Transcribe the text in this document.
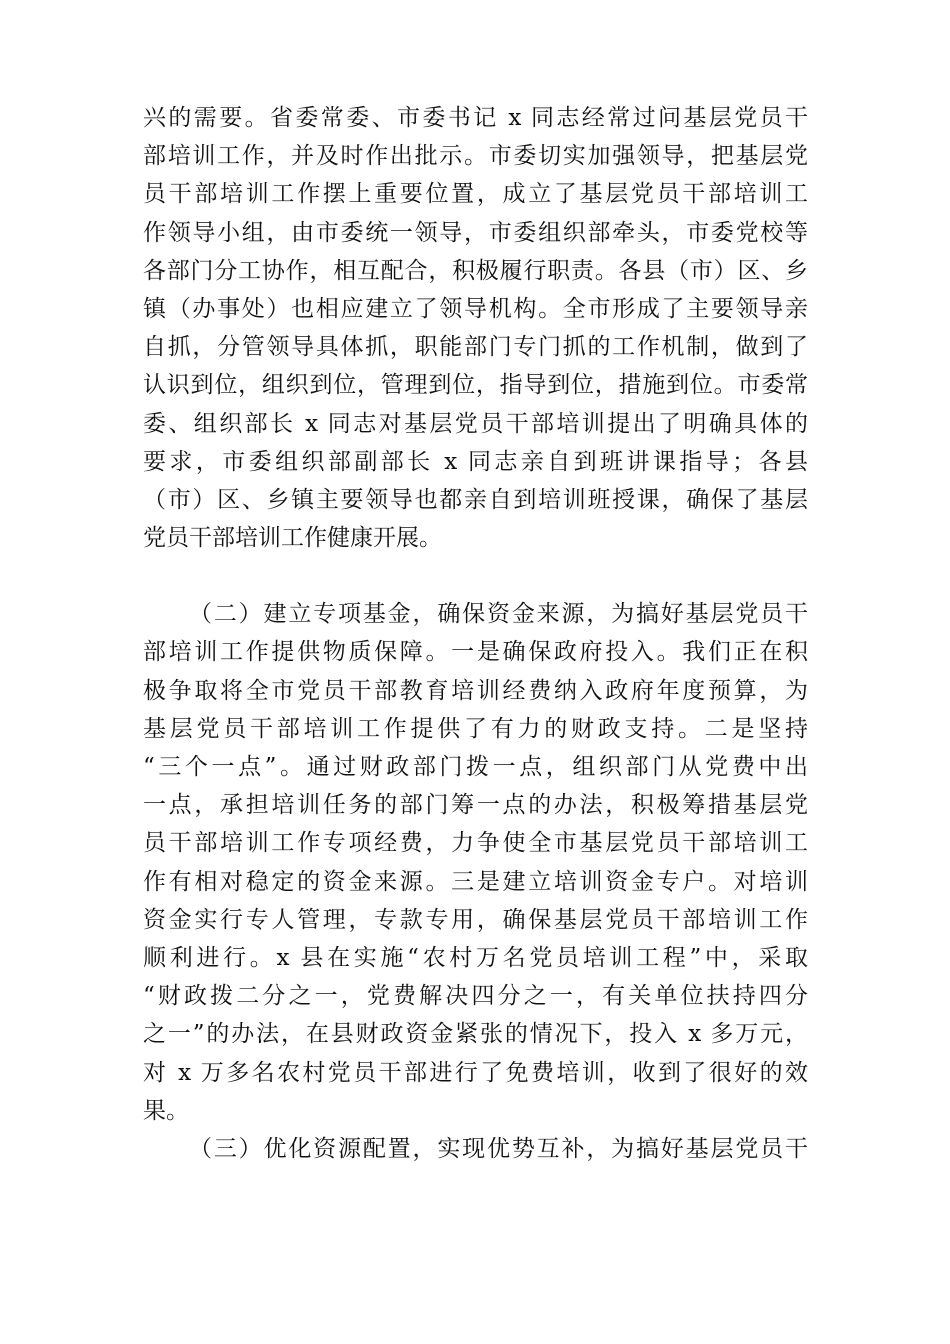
兴的需要。省委常委、市委书记 x 同志经常过问基层党员干
部培训工作，并及时作出批示。市委切实加强领导，把基层党
员干部培训工作摆上重要位置，成立了基层党员干部培训工
作领导小组，由市委统一领导，市委组织部牵头，市委党校等
各部门分工协作，相互配合，积极履行职责。各县（市）区、乡
镇（办事处）也相应建立了领导机构。全市形成了主要领导亲
自抓，分管领导具体抓，职能部门专门抓的工作机制，做到了
认识到位，组织到位，管理到位，指导到位，措施到位。市委常
委、组织部长 x 同志对基层党员干部培训提出了明确具体的
要求，市委组织部副部长 x 同志亲自到班讲课指导；各县
（市）区、乡镇主要领导也都亲自到培训班授课，确保了基层
党员干部培训工作健康开展。
（二）建立专项基金，确保资金来源，为搞好基层党员干
部培训工作提供物质保障。一是确保政府投入。我们正在积
极争取将全市党员干部教育培训经费纳入政府年度预算，为
基层党员干部培训工作提供了有力的财政支持。二是坚持
“三个一点”。通过财政部门拨一点，组织部门从党费中出
一点，承担培训任务的部门筹一点的办法，积极筹措基层党
员干部培训工作专项经费，力争使全市基层党员干部培训工
作有相对稳定的资金来源。三是建立培训资金专户。对培训
资金实行专人管理，专款专用，确保基层党员干部培训工作
顺利进行。x 县在实施“农村万名党员培训工程”中，采取
“财政拨二分之一，党费解决四分之一，有关单位扶持四分
之一”的办法，在县财政资金紧张的情况下，投入 x 多万元，
对 x 万多名农村党员干部进行了免费培训，收到了很好的效
果。
（三）优化资源配置，实现优势互补，为搞好基层党员干
